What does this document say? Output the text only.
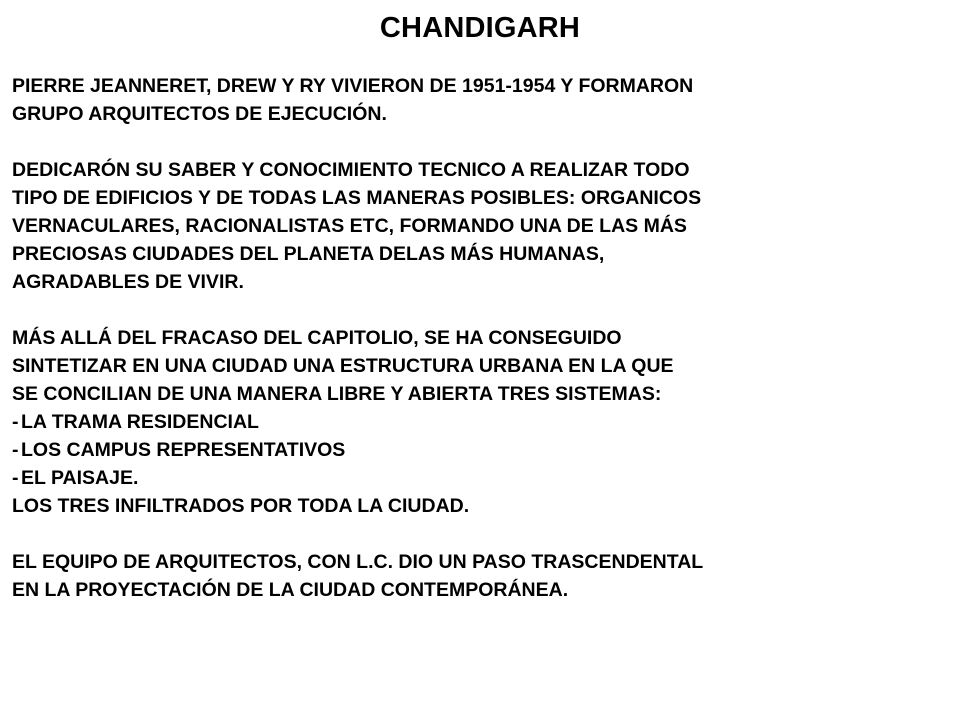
CHANDIGARH
PIERRE JEANNERET, DREW Y RY VIVIERON DE 1951-1954 Y FORMARON
GRUPO ARQUITECTOS DE EJECUCIÓN.
DEDICARÓN SU SABER Y CONOCIMIENTO TECNICO A REALIZAR TODO
TIPO DE EDIFICIOS Y DE TODAS LAS MANERAS POSIBLES: ORGANICOS
VERNACULARES, RACIONALISTAS ETC, FORMANDO UNA DE LAS MÁS
PRECIOSAS CIUDADES DEL PLANETA DELAS MÁS HUMANAS,
AGRADABLES DE VIVIR.
MÁS ALLÁ DEL FRACASO DEL CAPITOLIO, SE HA CONSEGUIDO
SINTETIZAR EN UNA CIUDAD UNA ESTRUCTURA URBANA EN LA QUE
SE CONCILIAN DE UNA MANERA LIBRE Y ABIERTA TRES SISTEMAS:
- LA TRAMA RESIDENCIAL
- LOS CAMPUS REPRESENTATIVOS
- EL PAISAJE.
LOS TRES INFILTRADOS POR TODA LA CIUDAD.
EL EQUIPO DE ARQUITECTOS, CON L.C. DIO UN PASO TRASCENDENTAL
EN LA PROYECTACIÓN DE LA CIUDAD CONTEMPORÁNEA.
